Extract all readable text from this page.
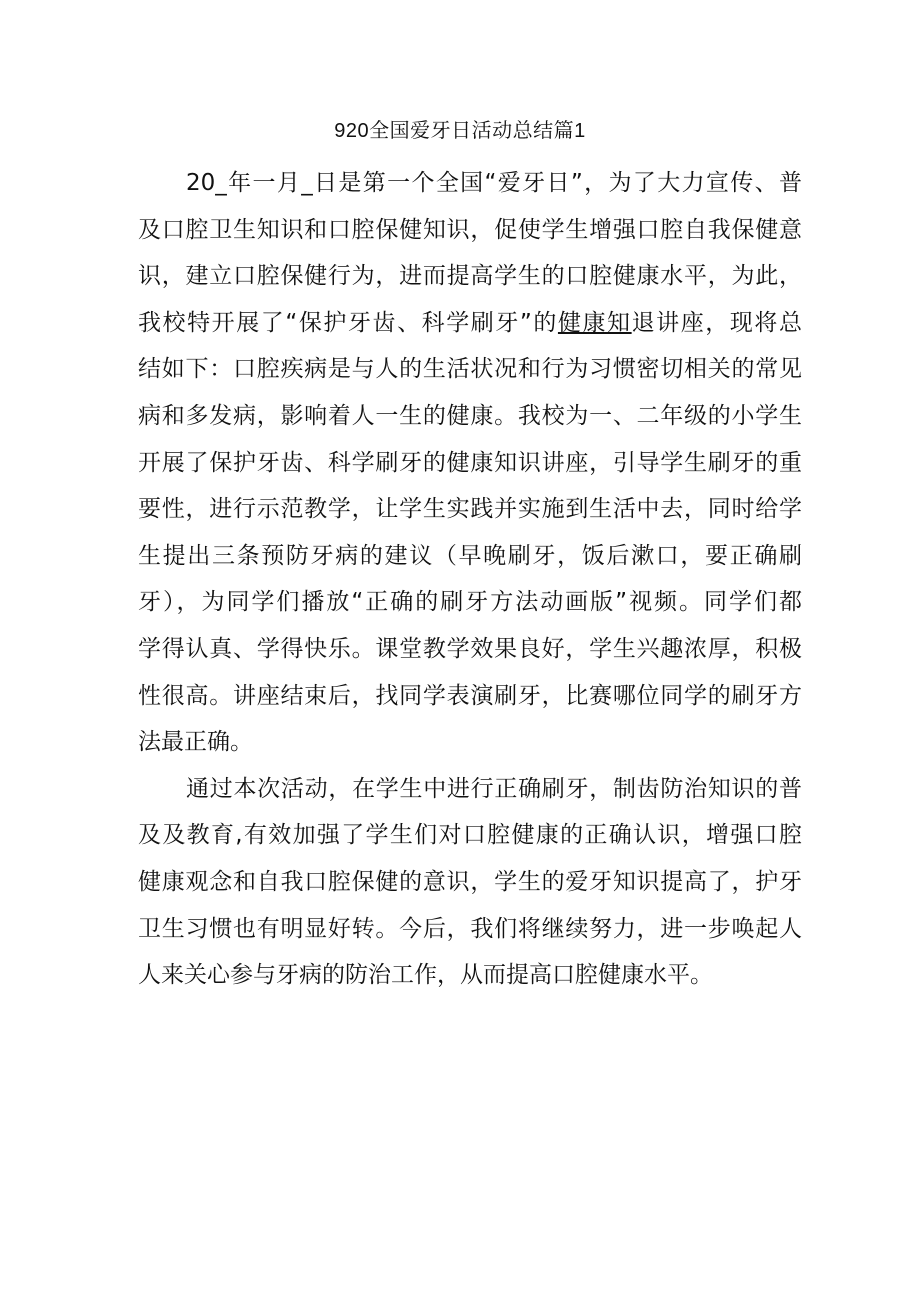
920全国爱牙日活动总结篇1
20_年一月_日是第一个全国“爱牙日”，为了大力宣传、普
及口腔卫生知识和口腔保健知识，促使学生增强口腔自我保健意
识，建立口腔保健行为，进而提高学生的口腔健康水平，为此，
我校特开展了“保护牙齿、科学刷牙”的健康知退讲座，现将总
结如下：口腔疾病是与人的生活状况和行为习惯密切相关的常见
病和多发病，影响着人一生的健康。我校为一、二年级的小学生
开展了保护牙齿、科学刷牙的健康知识讲座，引导学生刷牙的重
要性，进行示范教学，让学生实践并实施到生活中去，同时给学
生提出三条预防牙病的建议（早晚刷牙，饭后漱口，要正确刷
牙），为同学们播放“正确的刷牙方法动画版”视频。同学们都
学得认真、学得快乐。课堂教学效果良好，学生兴趣浓厚，积极
性很高。讲座结束后，找同学表演刷牙，比赛哪位同学的刷牙方
法最正确。
通过本次活动，在学生中进行正确刷牙，制齿防治知识的普
及及教育,有效加强了学生们对口腔健康的正确认识，增强口腔
健康观念和自我口腔保健的意识，学生的爱牙知识提高了，护牙
卫生习惯也有明显好转。今后，我们将继续努力，进一步唤起人
人来关心参与牙病的防治工作，从而提高口腔健康水平。
